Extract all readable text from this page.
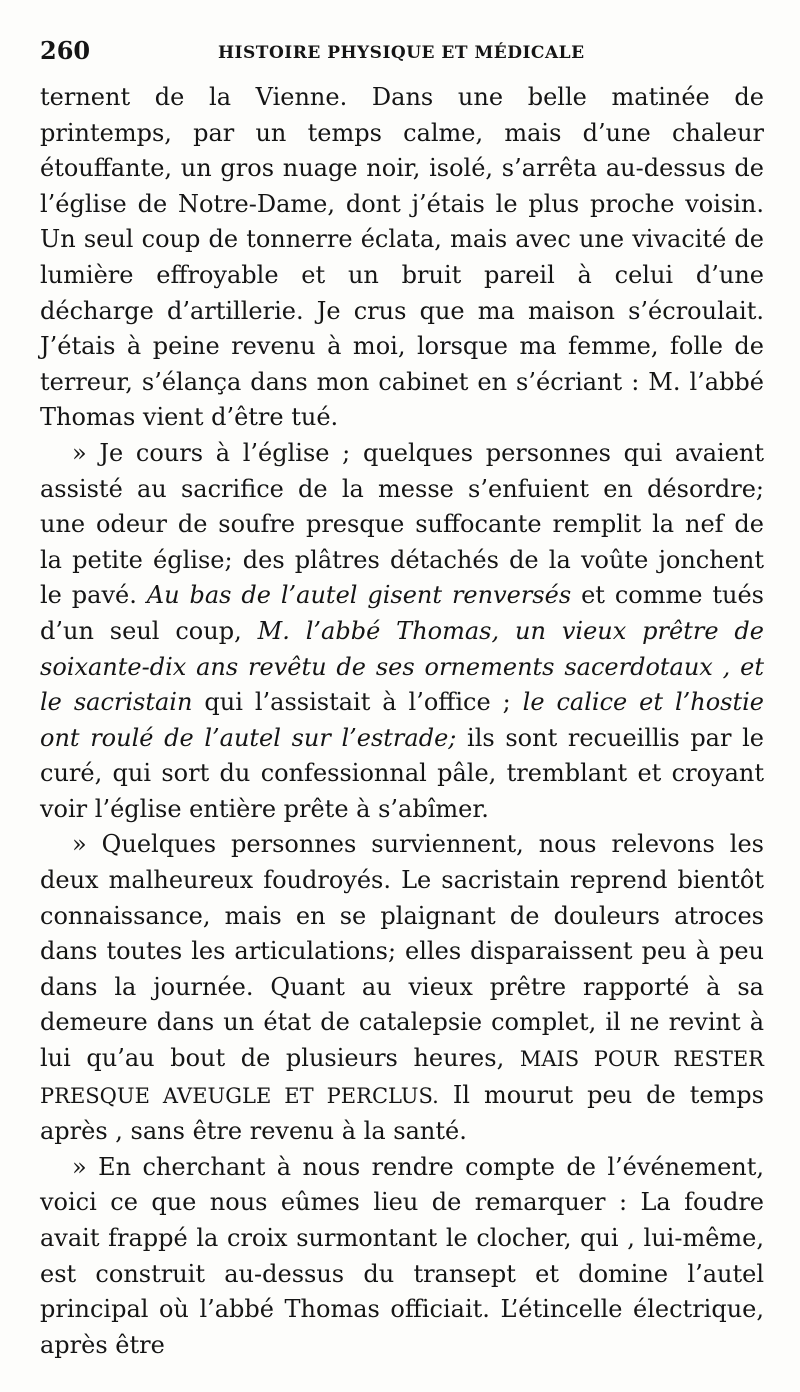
260	HISTOIRE PHYSIQUE ET MÉDICALE

ternent de la Vienne. Dans une belle matinée de printemps, par un temps calme, mais d’une chaleur étouffante, un gros nuage noir, isolé, s’arrêta au-dessus de l’église de Notre-Dame, dont j’étais le plus proche voisin. Un seul coup de tonnerre éclata, mais avec une vivacité de lumière effroyable et un bruit pareil à celui d’une décharge d’artillerie. Je crus que ma maison s’écroulait. J’étais à peine revenu à moi, lorsque ma femme, folle de terreur, s’élança dans mon cabinet en s’écriant : M. l’abbé Thomas vient d’être tué.

» Je cours à l’église ; quelques personnes qui avaient assisté au sacrifice de la messe s’enfuient en désordre; une odeur de soufre presque suffocante remplit la nef de la petite église; des plâtres détachés de la voûte jonchent le pavé. Au bas de l’autel gisent renversés et comme tués d’un seul coup, M. l’abbé Thomas, un vieux prêtre de soixante-dix ans revêtu de ses ornements sacerdotaux , et le sacristain qui l’assistait à l’office ; le calice et l’hostie ont roulé de l’autel sur l’estrade; ils sont recueillis par le curé, qui sort du confessionnal pâle, tremblant et croyant voir l’église entière prête à s’abîmer.

» Quelques personnes surviennent, nous relevons les deux malheureux foudroyés. Le sacristain reprend bientôt connaissance, mais en se plaignant de douleurs atroces dans toutes les articulations; elles disparaissent peu à peu dans la journée. Quant au vieux prêtre rapporté à sa demeure dans un état de catalepsie complet, il ne revint à lui qu’au bout de plusieurs heures, MAIS POUR RESTER PRESQUE AVEUGLE ET PERCLUS. Il mourut peu de temps après , sans être revenu à la santé.

» En cherchant à nous rendre compte de l’événement, voici ce que nous eûmes lieu de remarquer : La foudre avait frappé la croix surmontant le clocher, qui , lui-même, est construit au-dessus du transept et domine l’autel principal où l’abbé Thomas officiait. L’étincelle électrique, après être
